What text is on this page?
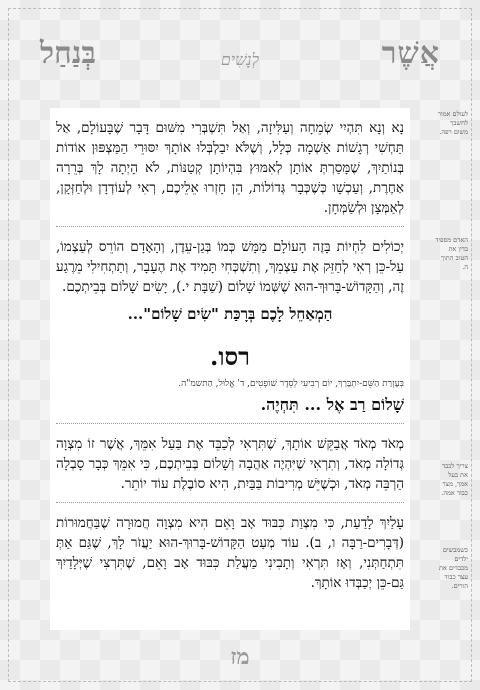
אֲשֶׁר
לְנָשִׁים
בְּנַחַל
לעולם אמור לחשבך משום רפה.
האדם מספיד בדין את הטוב התוך ה.
צריך לכבד את בעל אמך, מצד כבוד אמה.
כשמבשים ילדים מכבדים את עצר כבוד הורים.

נָא וְנָא תִּהְיִי שְׂמֵחָה וְעַלִּיזָה, וְאַל תִּשְׁבְּרִי מִשּׁוּם דָּבָר שֶׁבָּעוֹלָם, אַל תַּחְשִׁי רְגָשׁוֹת אַשְׁמָה כְּלָל, וְשֶׁלֹּא יִבַלְבְּלוּ אוֹתָךְ יִסּוּרֵי הַמַּצְפּוּן אוֹדוֹת בְּנוֹתַיִךְ, שֶׁמָּסַרְתְּ אוֹתָן לְאִמּוּץ בִּהְיוֹתָן קְטַנּוֹת, לֹא הָיְתָה לָךְ בְּרֵרָה אַחֶרֶת, וְעַכְשָׁו כְּשֶׁכְּבָר גְּדוֹלוֹת, הֵן חָזְרוּ אֵלֵיכֶם, רְאִי לְעוֹדְדָן וּלְחַזְּקָן, לְאַמְּצָן וּלְשַׂמְּחָן.

יְכוֹלִים לִחְיוֹת בָּזֶה הָעוֹלָם מַמָּשׁ כְּמוֹ בְּגַן-עֵדֶן, וְהָאָדָם הוֹרֵס לְעַצְמוֹ, עַל-כֵּן רְאִי לְחַזֵּק אֶת עַצְמֵךְ, וְתִשְׁכְּחִי תָּמִיד אֶת הֶעָבָר, וְתַתְחִילִי מֵרֶגַע זֶה, וְהַקָּדוֹשׁ-בָּרוּךְ-הוּא שֶׁשְּׁמוֹ שָׁלוֹם (שַׁבָּת י.), יָשִׂים שָׁלוֹם בְּבֵיתְכֶם.

הַמְאַחֵל לָכֶם בְּרָכַּת "שִׂים שָׁלוֹם"...

רסו.

בְּעֶזְרַת הַשֵּׁם-יִתְבָּרַךְ, יוֹם רְבִיעִי לְסֵדֶר שׁוֹפְטִים, ד' אֱלוּל, הַתשמ"ה.

שָׁלוֹם רַב אֶל ... תִּחְיֶה.

מְאֹד מְאֹד אֲבַקֵּשׁ אוֹתָךְ, שֶׁתִּרְאִי לְכַבֵּד אֶת בַּעַל אִמֵּךְ, אֲשֶׁר זוֹ מִצְוָה גְּדוֹלָה מְאֹד, וְתִרְאִי שֶׁיִּהְיֶה אַהֲבָה וְשָׁלוֹם בְּבֵיתְכֶם, כִּי אִמֵּךְ כְּבָר סָבְלָה הַרְבֵּה מְאֹד, וּכְשֶׁיֵּשׁ מְרִיבוֹת בַּבַּיִת, הִיא סוֹבֶלֶת עוֹד יוֹתֵר.

עָלַיִךְ לָדַעַת, כִּי מִצְוַת כִּבּוּד אָב וָאֵם הִיא מִצְוָה חֲמוּרָה שֶׁבַּחֲמוּרוֹת (דְּבָרִים-רַבָּה ו, ב). עוֹד מְעַט הַקָּדוֹשׁ-בָּרוּךְ-הוּא יַעֲזֹר לָךְ, שֶׁגַּם אַתְּ תִּתְחַתְּנִי, וְאָז תִּרְאִי וְתָבִינִי מַעֲלַת כִּבּוּד אָב וָאֵם, שֶׁתִּרְצִי שֶׁיְּלָדַיִךְ גַּם-כֵּן יְכַבְּדוּ אוֹתָךְ.

מז
